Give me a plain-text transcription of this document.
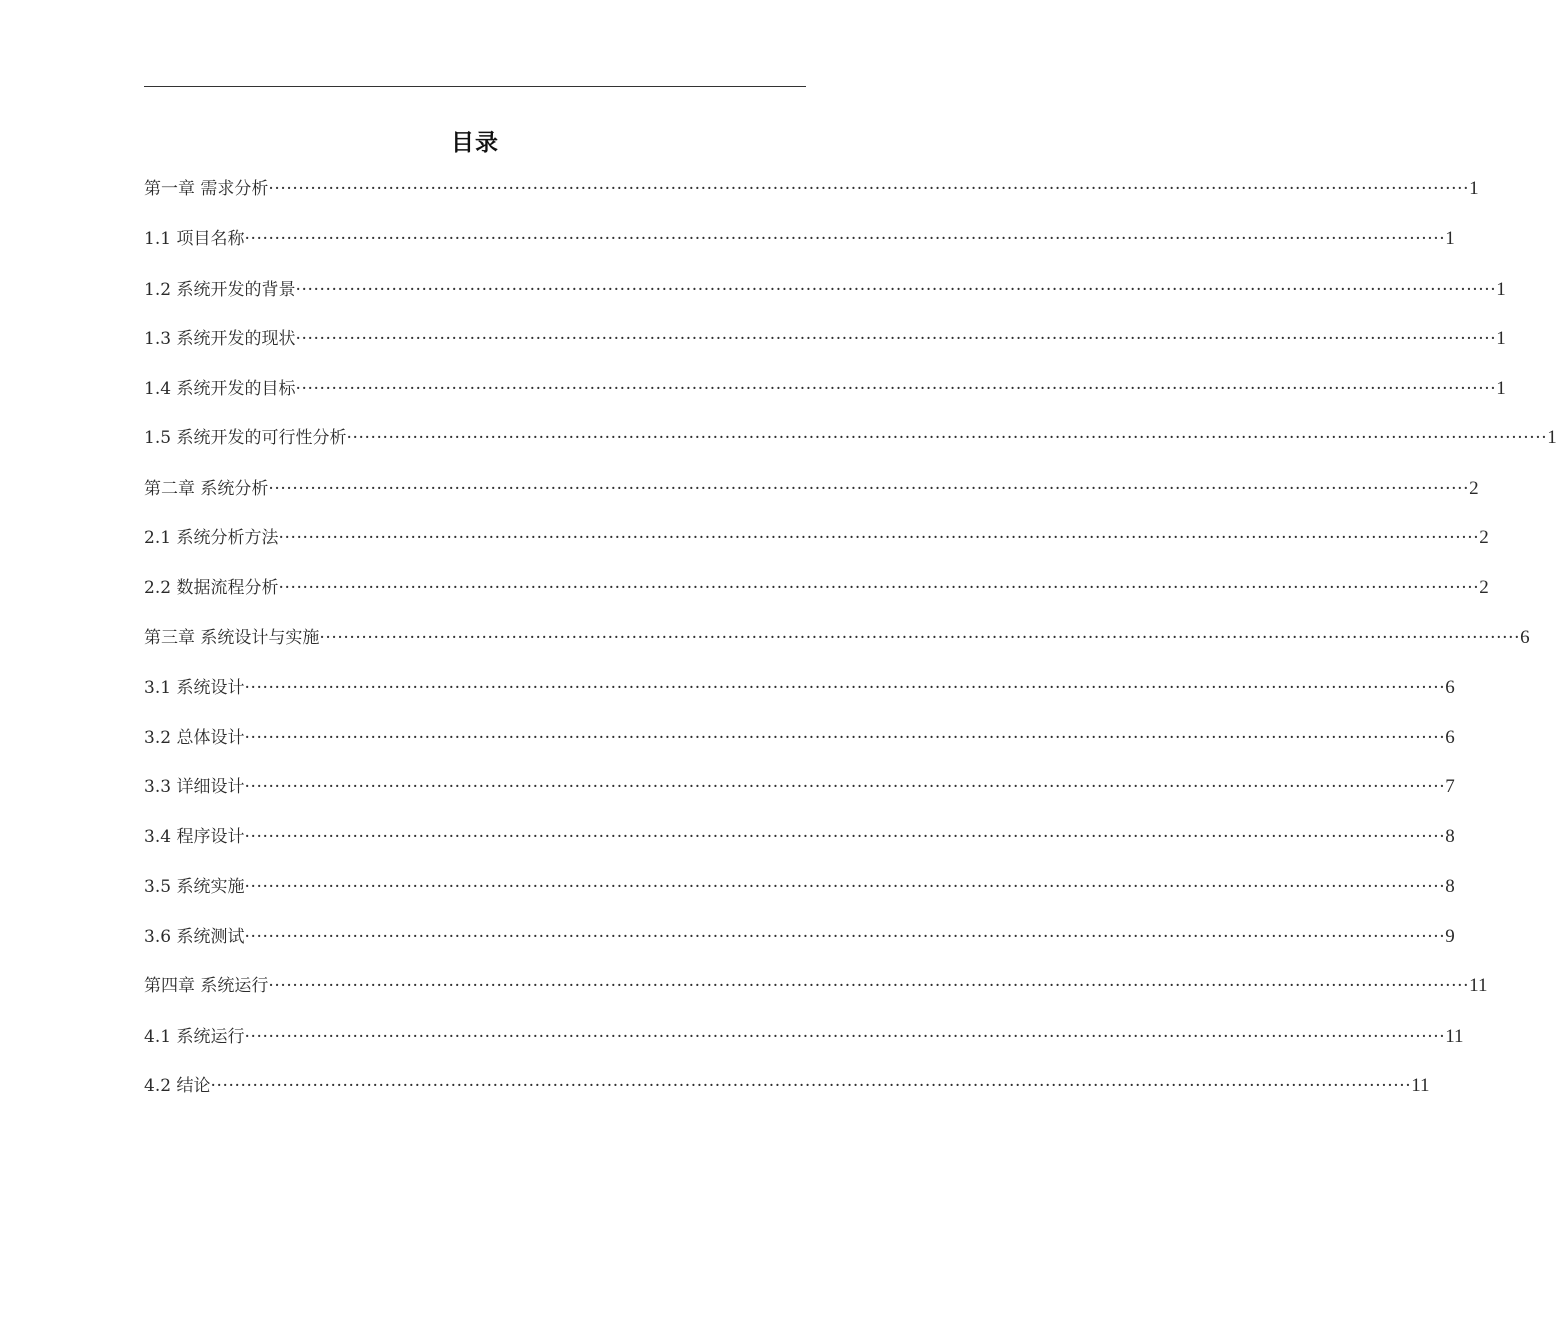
目录
第一章 需求分析 ········································································································································································································ 1
1.1 项目名称 ········································································································································································································ 1
1.2 系统开发的背景 ········································································································································································································ 1
1.3 系统开发的现状 ········································································································································································································ 1
1.4 系统开发的目标 ········································································································································································································ 1
1.5 系统开发的可行性分析 ········································································································································································································ 1
第二章 系统分析 ········································································································································································································ 2
2.1 系统分析方法 ········································································································································································································ 2
2.2 数据流程分析 ········································································································································································································ 2
第三章 系统设计与实施 ········································································································································································································ 6
3.1 系统设计 ········································································································································································································ 6
3.2 总体设计 ········································································································································································································ 6
3.3 详细设计 ········································································································································································································ 7
3.4 程序设计 ········································································································································································································ 8
3.5 系统实施 ········································································································································································································ 8
3.6 系统测试 ········································································································································································································ 9
第四章 系统运行 ········································································································································································································ 11
4.1 系统运行 ········································································································································································································ 11
4.2 结论 ········································································································································································································ 11
